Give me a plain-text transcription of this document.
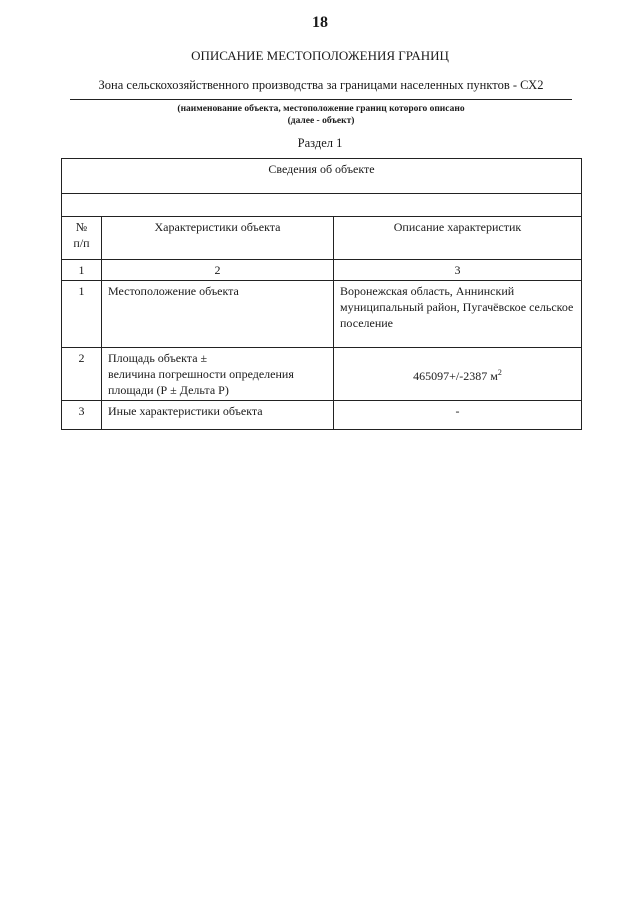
18
ОПИСАНИЕ МЕСТОПОЛОЖЕНИЯ ГРАНИЦ
Зона сельскохозяйственного производства за границами населенных пунктов - СХ2
(наименование объекта, местоположение границ которого описано
(далее - объект)
Раздел 1
Сведения об объекте		

№
п/п	Характеристики объекта	Описание характеристик
1	2	3
1	Местоположение объекта	Воронежская область, Аннинский муниципальный район, Пугачёвское сельское поселение
2	Площадь объекта ±
величина погрешности определения
площади (Р ± Дельта Р)	465097+/-2387 $м^2$
3	Иные характеристики объекта	-
